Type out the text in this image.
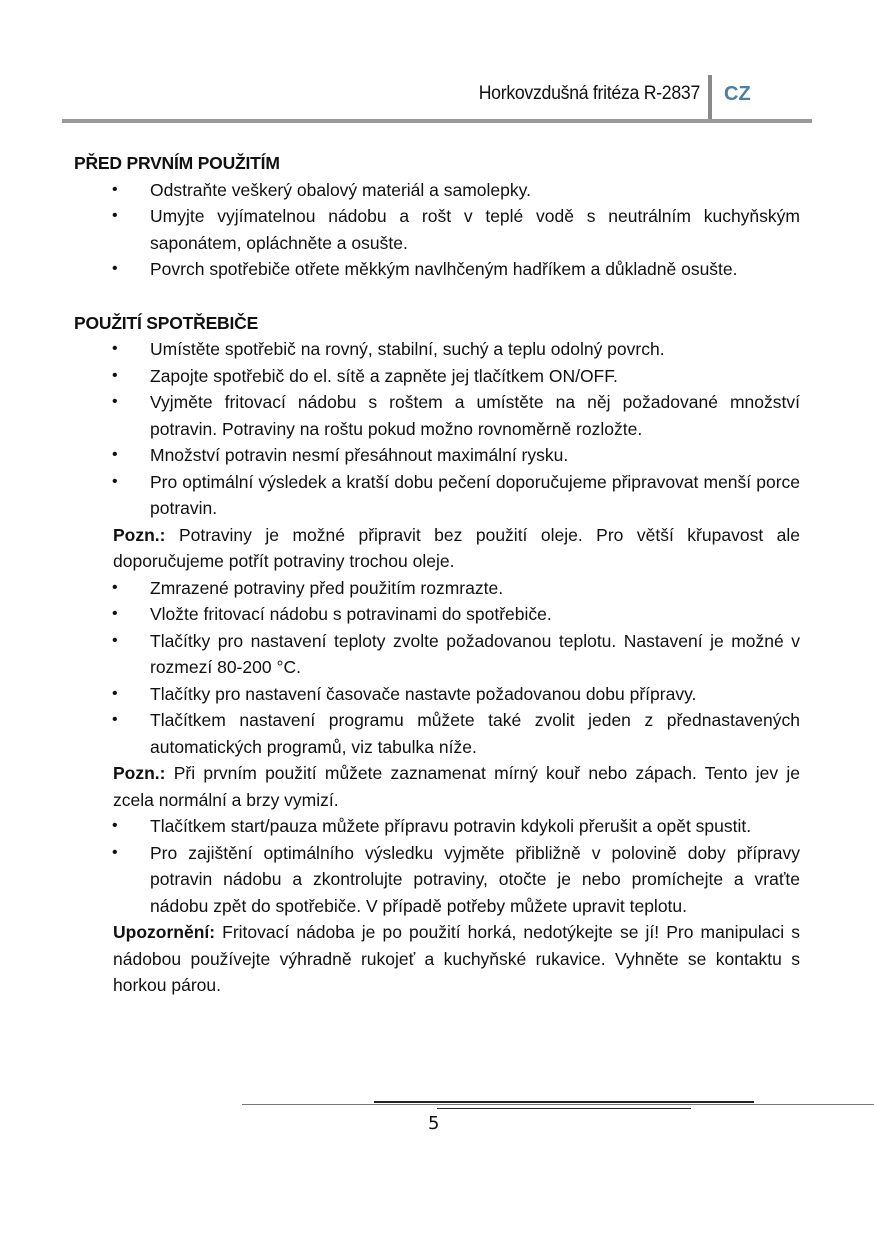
Horkovzdušná fritéza R-2837 CZ
PŘED PRVNÍM POUŽITÍM
• Odstraňte veškerý obalový materiál a samolepky.
• Umyjte vyjímatelnou nádobu a rošt v teplé vodě s neutrálním kuchyňským saponátem, opláchněte a osušte.
• Povrch spotřebiče otřete měkkým navlhčeným hadříkem a důkladně osušte.
POUŽITÍ SPOTŘEBIČE
• Umístěte spotřebič na rovný, stabilní, suchý a teplu odolný povrch.
• Zapojte spotřebič do el. sítě a zapněte jej tlačítkem ON/OFF.
• Vyjměte fritovací nádobu s roštem a umístěte na něj požadované množství potravin. Potraviny na roštu pokud možno rovnoměrně rozložte.
• Množství potravin nesmí přesáhnout maximální rysku.
• Pro optimální výsledek a kratší dobu pečení doporučujeme připravovat menší porce potravin.

Pozn.: Potraviny je možné připravit bez použití oleje. Pro větší křupavost ale doporučujeme potřít potraviny trochou oleje.

• Zmrazené potraviny před použitím rozmrazte.
• Vložte fritovací nádobu s potravinami do spotřebiče.
• Tlačítky pro nastavení teploty zvolte požadovanou teplotu. Nastavení je možné v rozmezí 80-200 °C.
• Tlačítky pro nastavení časovače nastavte požadovanou dobu přípravy.
• Tlačítkem nastavení programu můžete také zvolit jeden z přednastavených automatických programů, viz tabulka níže.

Pozn.: Při prvním použití můžete zaznamenat mírný kouř nebo zápach. Tento jev je zcela normální a brzy vymizí.

• Tlačítkem start/pauza můžete přípravu potravin kdykoli přerušit a opět spustit.
• Pro zajištění optimálního výsledku vyjměte přibližně v polovině doby přípravy potravin nádobu a zkontrolujte potraviny, otočte je nebo promíchejte a vraťte nádobu zpět do spotřebiče. V případě potřeby můžete upravit teplotu.

Upozornění: Fritovací nádoba je po použití horká, nedotýkejte se jí! Pro manipulaci s nádobou používejte výhradně rukojeť a kuchyňské rukavice. Vyhněte se kontaktu s horkou párou.

5
